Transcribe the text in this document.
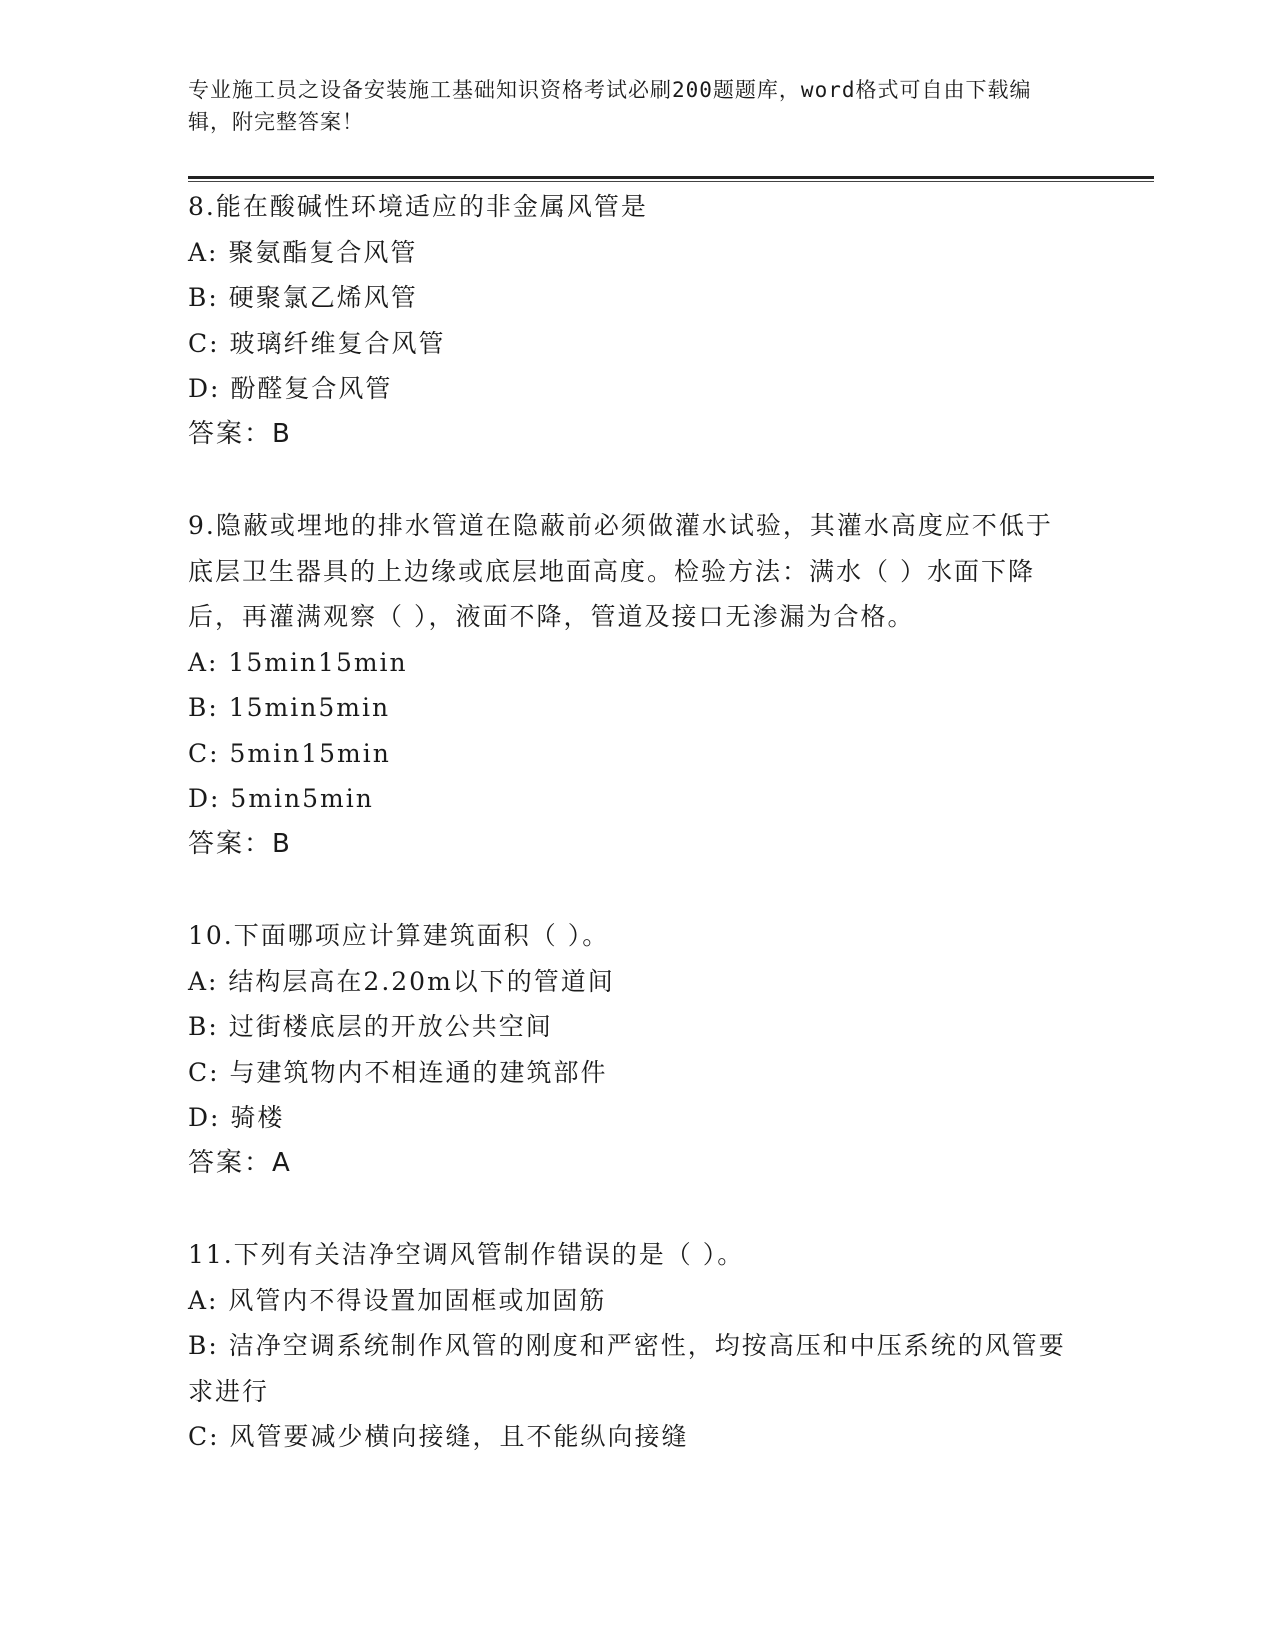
专业施工员之设备安装施工基础知识资格考试必刷200题题库，word格式可自由下载编辑，附完整答案！
8.能在酸碱性环境适应的非金属风管是
A: 聚氨酯复合风管
B: 硬聚氯乙烯风管
C: 玻璃纤维复合风管
D: 酚醛复合风管
答案：B
9.隐蔽或埋地的排水管道在隐蔽前必须做灌水试验，其灌水高度应不低于底层卫生器具的上边缘或底层地面高度。检验方法：满水（ ）水面下降后，再灌满观察（ ），液面不降，管道及接口无渗漏为合格。
A: 15min15min
B: 15min5min
C: 5min15min
D: 5min5min
答案：B
10.下面哪项应计算建筑面积（ ）。
A: 结构层高在2.20m以下的管道间
B: 过街楼底层的开放公共空间
C: 与建筑物内不相连通的建筑部件
D: 骑楼
答案：A
11.下列有关洁净空调风管制作错误的是（ ）。
A: 风管内不得设置加固框或加固筋
B: 洁净空调系统制作风管的刚度和严密性，均按高压和中压系统的风管要求进行
C: 风管要减少横向接缝，且不能纵向接缝
